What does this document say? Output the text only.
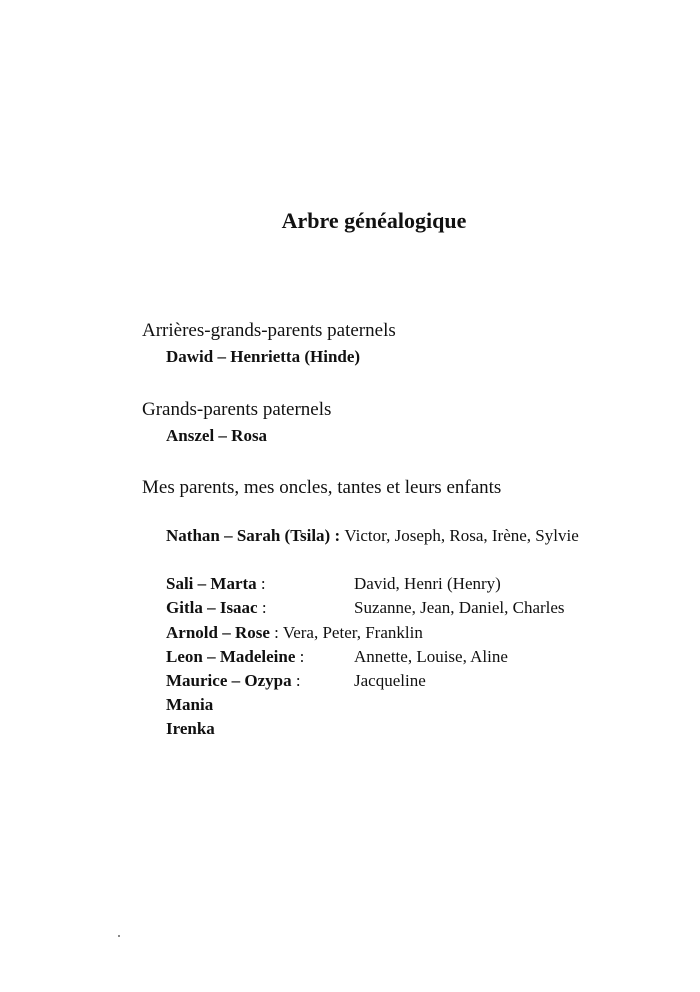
Arbre généalogique
Arrières-grands-parents paternels
Dawid – Henrietta (Hinde)
Grands-parents paternels
Anszel – Rosa
Mes parents, mes oncles, tantes et leurs enfants
Nathan – Sarah (Tsila) : Victor, Joseph, Rosa, Irène, Sylvie
Sali – Marta :	David, Henri (Henry)
Gitla – Isaac :	Suzanne, Jean, Daniel, Charles
Arnold – Rose : Vera, Peter, Franklin
Leon – Madeleine :	Annette, Louise, Aline
Maurice – Ozypa :	Jacqueline
Mania
Irenka
